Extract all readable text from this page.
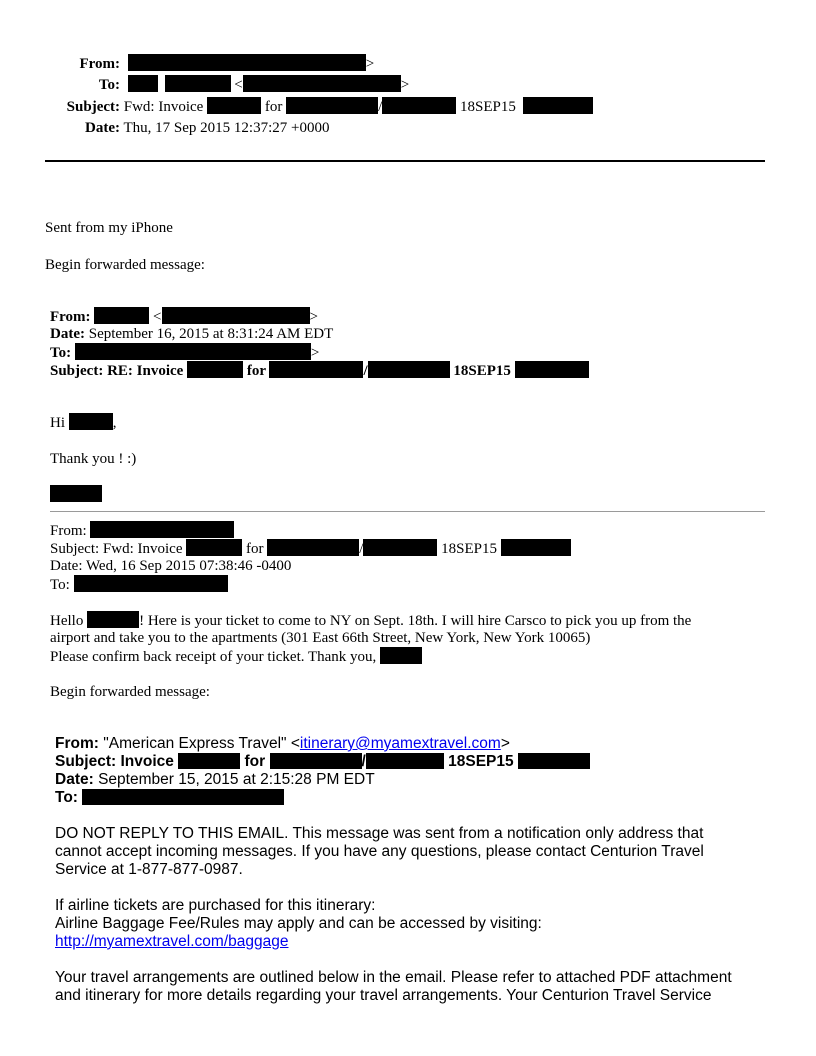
From:	>
To:	<	>
Subject: Fwd: Invoice	for	/	18SEP15
Date: Thu, 17 Sep 2015 12:37:27 +0000
Sent from my iPhone
Begin forwarded message:
From:	<	>
Date: September 16, 2015 at 8:31:24 AM EDT
To:	>
Subject: RE: Invoice	for	/	18SEP15
Hi	,
Thank you ! :)
From:
Subject: Fwd: Invoice	for	/	18SEP15
Date: Wed, 16 Sep 2015 07:38:46 -0400
To:
Hello	! Here is your ticket to come to NY on Sept. 18th. I will hire Carsco to pick you up from the
airport and take you to the apartments (301 East 66th Street, New York, New York 10065)
Please confirm back receipt of your ticket. Thank you,
Begin forwarded message:
From: "American Express Travel" <itinerary@myamextravel.com>
Subject: Invoice	for	/	18SEP15
Date: September 15, 2015 at 2:15:28 PM EDT
To:
DO NOT REPLY TO THIS EMAIL. This message was sent from a notification only address that
cannot accept incoming messages. If you have any questions, please contact Centurion Travel
Service at 1-877-877-0987.
If airline tickets are purchased for this itinerary:
Airline Baggage Fee/Rules may apply and can be accessed by visiting:
http://myamextravel.com/baggage
Your travel arrangements are outlined below in the email. Please refer to attached PDF attachment
and itinerary for more details regarding your travel arrangements. Your Centurion Travel Service
